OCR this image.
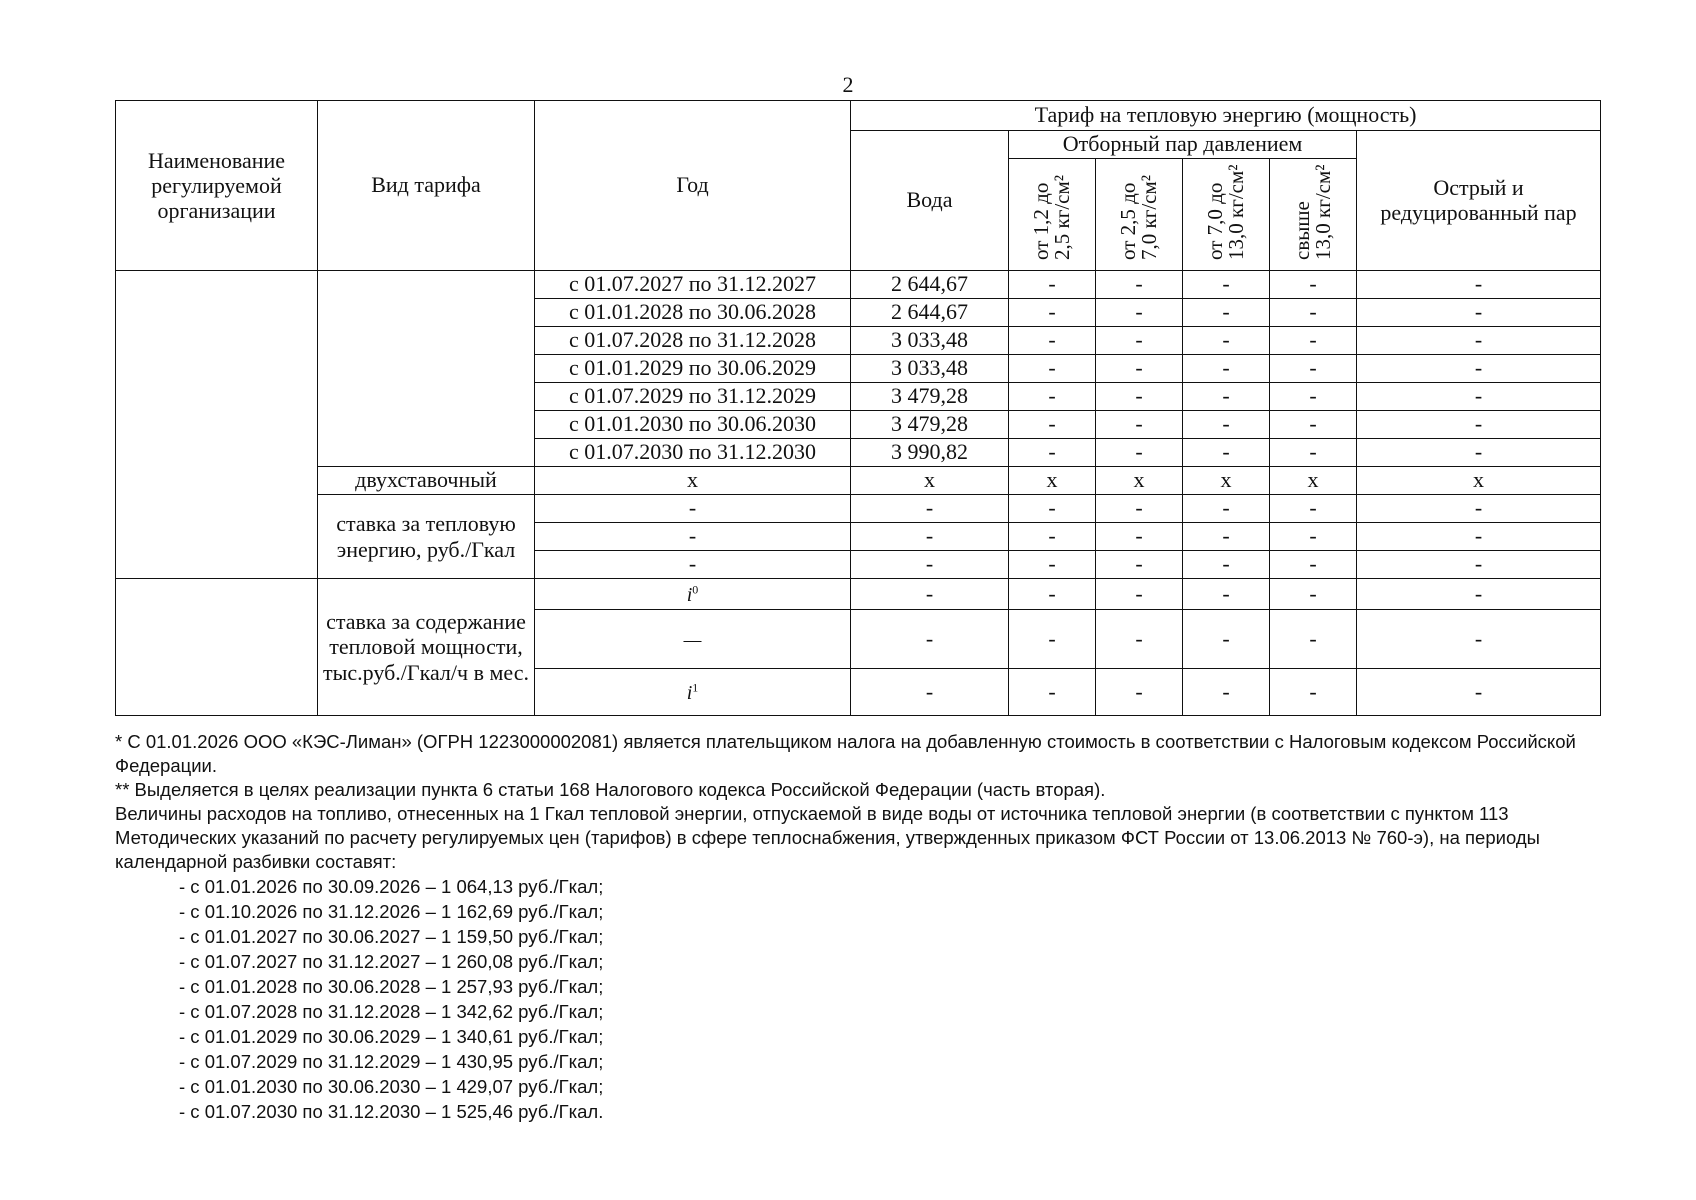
2
Наименование регулируемой организации	Вид тарифа	Год	Тариф на тепловую энергию (мощность)					
			Вода	Отборный пар давлением				Острый и редуцированный пар
				от 1,2 до 2,5 кг/см²	от 2,5 до 7,0 кг/см²	от 7,0 до 13,0 кг/см²	свыше 13,0 кг/см²	
		с 01.07.2027 по 31.12.2027	2 644,67	-	-	-	-	-
		с 01.01.2028 по 30.06.2028	2 644,67	-	-	-	-	-
		с 01.07.2028 по 31.12.2028	3 033,48	-	-	-	-	-
		с 01.01.2029 по 30.06.2029	3 033,48	-	-	-	-	-
		с 01.07.2029 по 31.12.2029	3 479,28	-	-	-	-	-
		с 01.01.2030 по 30.06.2030	3 479,28	-	-	-	-	-
		с 01.07.2030 по 31.12.2030	3 990,82	-	-	-	-	-
	двухставочный	x	x	x	x	x	x	x
	ставка за тепловую энергию, руб./Гкал	-	-	-	-	-	-	-
		-	-	-	-	-	-	-
		-	-	-	-	-	-	-
	ставка за содержание тепловой мощности, тыс.руб./Гкал/ч в мес.	$i^0$	-	-	-	-	-	-
		—	-	-	-	-	-	-
		$i^1$	-	-	-	-	-	-

* С 01.01.2026 ООО «КЭС-Лиман» (ОГРН 1223000002081) является плательщиком налога на добавленную стоимость в соответствии с Налоговым кодексом Российской Федерации.

** Выделяется в целях реализации пункта 6 статьи 168 Налогового кодекса Российской Федерации (часть вторая).

Величины расходов на топливо, отнесенных на 1 Гкал тепловой энергии, отпускаемой в виде воды от источника тепловой энергии (в соответствии с пунктом 113 Методических указаний по расчету регулируемых цен (тарифов) в сфере теплоснабжения, утвержденных приказом ФСТ России от 13.06.2013 № 760-э), на периоды календарной разбивки составят:

- с 01.01.2026 по 30.09.2026 – 1 064,13 руб./Гкал;
- с 01.10.2026 по 31.12.2026 – 1 162,69 руб./Гкал;
- с 01.01.2027 по 30.06.2027 – 1 159,50 руб./Гкал;
- с 01.07.2027 по 31.12.2027 – 1 260,08 руб./Гкал;
- с 01.01.2028 по 30.06.2028 – 1 257,93 руб./Гкал;
- с 01.07.2028 по 31.12.2028 – 1 342,62 руб./Гкал;
- с 01.01.2029 по 30.06.2029 – 1 340,61 руб./Гкал;
- с 01.07.2029 по 31.12.2029 – 1 430,95 руб./Гкал;
- с 01.01.2030 по 30.06.2030 – 1 429,07 руб./Гкал;
- с 01.07.2030 по 31.12.2030 – 1 525,46 руб./Гкал.
